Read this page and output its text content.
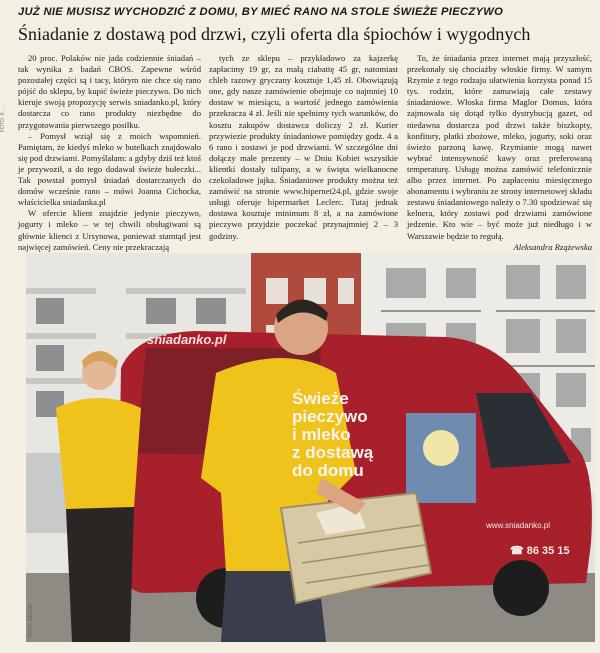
FOTO: K. ...
JUŻ NIE MUSISZ WYCHODZIĆ Z DOMU, BY MIEĆ RANO NA STOLE ŚWIEŻE PIECZYWO
Śniadanie z dostawą pod drzwi, czyli oferta dla śpiochów i wygodnych

20 proc. Polaków nie jada codziennie śniadań – tak wynika z badań CBOS. Zapewne wśród pozostałej części są i tacy, którym nie chce się rano pójść do sklepu, by kupić świeże pieczywo. Do nich kieruje swoją propozycję serwis sniadanko.pl, który dostarcza co rano produkty niezbędne do przygotowania pierwszego posiłku.

– Pomysł wziął się z moich wspomnień. Pamiętam, że kiedyś mleko w butelkach znajdowało się pod drzwiami. Pomyślałam: a gdyby dziś też ktoś je przywoził, a do tego dodawał świeże bułeczki... Tak powstał pomysł śniadań dostarczanych do domów wcześnie rano – mówi Joanna Cichocka, właścicielka sniadanka.pl

W ofercie klient znajdzie jedynie pieczywo, jogurty i mleko – w tej chwili obsługiwani są głównie klienci z Ursynowa, ponieważ stamtąd jest najwięcej zamówień. Ceny nie przekraczają

tych ze sklepu – przykładowo za kajzerkę zapłacimy 19 gr, za małą ciabattę 45 gr, natomiast chleb razowy gryczany kosztuje 1,45 zł. Obowiązują one, gdy nasze zamówienie obejmuje co najmniej 10 dostaw w miesiącu, a wartość jednego zamówienia przekracza 4 zł. Jeśli nie spełnimy tych warunków, do kosztu zakupów dostawca doliczy 2 zł. Kurier przywiezie produkty śniadaniowe pomiędzy godz. 4 a 6 rano i zostawi je pod drzwiami. W szczególne dni dołączy małe prezenty – w Dniu Kobiet wszystkie klientki dostały tulipany, a w święta wielkanocne czekoladowe jajka. Śniadaniowe produkty można też zamówić na stronie www.hipernet24.pl, gdzie swoje usługi oferuje hipermarket Leclerc. Tutaj jednak dostawa kosztuje minimum 8 zł, a na zamówione pieczywo przyjdzie poczekać przynajmniej 2 – 3 godziny.

To, że śniadania przez internet mają przyszłość, przekonały się chociażby włoskie firmy. W samym Rzymie z tego rodzaju ułatwienia korzysta ponad 15 tys. rodzin, które zamawiają całe zestawy śniadaniowe. Włoska firma Maglor Domus, która zajmowała się dotąd tylko dystrybucją gazet, od niedawna dostarcza pod drzwi także biszkopty, konfitury, płatki zbożowe, mleko, jogurty, soki oraz świeżo parzoną kawę. Rzymianie mogą nawet wybrać intensywność kawy oraz preferowaną temperaturę. Usługę można zamówić telefonicznie albo przez internet. Po zapłaceniu miesięcznego abonamentu i wybraniu ze strony internetowej składu zestawu śniadaniowego należy o 7.30 spodziewać się kelnera, który zostawi pod drzwiami zamówione jedzenie. Kto wie – być może już niedługo i w Warszawie będzie to regułą.

Aleksandra Rzążewska

sniadanko.pl
Świeże
pieczywo
i mleko
z dostawą
do domu
www.sniadanko.pl
☎ 86 35 15
FOTO: GELSKI
